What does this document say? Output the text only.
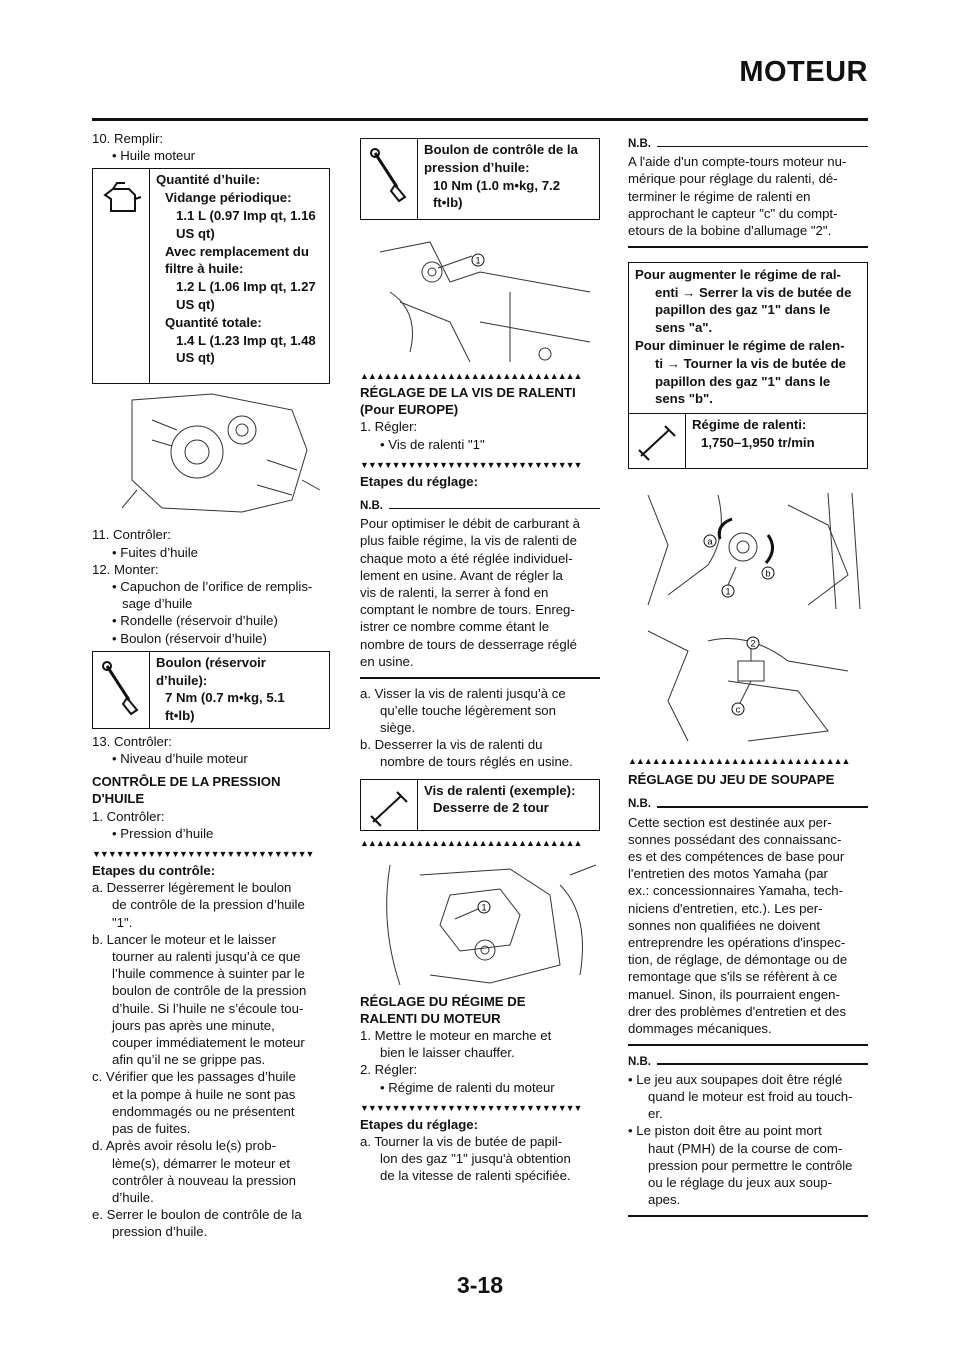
MOTEUR
10. Remplir:
• Huile moteur
Quantité d’huile:
Vidange périodique:
1.1 L (0.97 Imp qt, 1.16
US qt)
Avec remplacement du
filtre à huile:
1.2 L (1.06 Imp qt, 1.27
US qt)
Quantité totale:
1.4 L (1.23 Imp qt, 1.48
US qt)
11. Contrôler:
• Fuites d’huile
12. Monter:
• Capuchon de l’orifice de remplis-
sage d’huile
• Rondelle (réservoir d’huile)
• Boulon (réservoir d’huile)
Boulon (réservoir
d’huile):
7 Nm (0.7 m•kg, 5.1
ft•lb)
13. Contrôler:
• Niveau d’huile moteur
CONTRÔLE DE LA PRESSION
D'HUILE
1. Contrôler:
• Pression d’huile
▼▼▼▼▼▼▼▼▼▼▼▼▼▼▼▼▼▼▼▼▼▼▼▼▼▼▼▼
Etapes du contrôle:
a. Desserrer légèrement le boulon
de contrôle de la pression d’huile
"1".
b. Lancer le moteur et le laisser
tourner au ralenti jusqu’à ce que
l’huile commence à suinter par le
boulon de contrôle de la pression
d’huile. Si l’huile ne s’écoule tou-
jours pas après une minute,
couper immédiatement le moteur
afin qu’il ne se grippe pas.
c. Vérifier que les passages d’huile
et la pompe à huile ne sont pas
endommagés ou ne présentent
pas de fuites.
d. Après avoir résolu le(s) prob-
lème(s), démarrer le moteur et
contrôler à nouveau la pression
d’huile.
e. Serrer le boulon de contrôle de la
pression d’huile.
Boulon de contrôle de la
pression d’huile:
10 Nm (1.0 m•kg, 7.2
ft•lb)
1
▲▲▲▲▲▲▲▲▲▲▲▲▲▲▲▲▲▲▲▲▲▲▲▲▲▲▲▲
RÉGLAGE DE LA VIS DE RALENTI
(Pour EUROPE)
1. Régler:
• Vis de ralenti "1"
▼▼▼▼▼▼▼▼▼▼▼▼▼▼▼▼▼▼▼▼▼▼▼▼▼▼▼▼
Etapes du réglage:
N.B.
Pour optimiser le débit de carburant à
plus faible régime, la vis de ralenti de
chaque moto a été réglée individuel-
lement en usine. Avant de régler la
vis de ralenti, la serrer à fond en
comptant le nombre de tours. Enreg-
istrer ce nombre comme étant le
nombre de tours de desserrage réglé
en usine.
a. Visser la vis de ralenti jusqu’à ce
qu’elle touche légèrement son
siège.
b. Desserrer la vis de ralenti du
nombre de tours réglés en usine.
Vis de ralenti (exemple):
Desserre de 2 tour
▲▲▲▲▲▲▲▲▲▲▲▲▲▲▲▲▲▲▲▲▲▲▲▲▲▲▲▲
1
RÉGLAGE DU RÉGIME DE
RALENTI DU MOTEUR
1. Mettre le moteur en marche et
bien le laisser chauffer.
2. Régler:
• Régime de ralenti du moteur
▼▼▼▼▼▼▼▼▼▼▼▼▼▼▼▼▼▼▼▼▼▼▼▼▼▼▼▼
Etapes du réglage:
a. Tourner la vis de butée de papil-
lon des gaz "1" jusqu'à obtention
de la vitesse de ralenti spécifiée.
N.B.
A l'aide d'un compte-tours moteur nu-
mérique pour réglage du ralenti, dé-
terminer le régime de ralenti en
approchant le capteur "c" du compt-
etours de la bobine d'allumage "2".
Pour augmenter le régime de ral-
enti → Serrer la vis de butée de
papillon des gaz "1" dans le
sens "a".
Pour diminuer le régime de ralen-
ti → Tourner la vis de butée de
papillon des gaz "1" dans le
sens "b".
Régime de ralenti:
1,750–1,950 tr/min
a
b
1
2
c
▲▲▲▲▲▲▲▲▲▲▲▲▲▲▲▲▲▲▲▲▲▲▲▲▲▲▲▲
RÉGLAGE DU JEU DE SOUPAPE
N.B.
Cette section est destinée aux per-
sonnes possédant des connaissanc-
es et des compétences de base pour
l'entretien des motos Yamaha (par
ex.: concessionnaires Yamaha, tech-
niciens d'entretien, etc.). Les per-
sonnes non qualifiées ne doivent
entreprendre les opérations d'inspec-
tion, de réglage, de démontage ou de
remontage que s'ils se réfèrent à ce
manuel. Sinon, ils pourraient engen-
drer des problèmes d'entretien et des
dommages mécaniques.
N.B.
• Le jeu aux soupapes doit être réglé
quand le moteur est froid au touch-
er.
• Le piston doit être au point mort
haut (PMH) de la course de com-
pression pour permettre le contrôle
ou le réglage du jeux aux soup-
apes.
3-18
